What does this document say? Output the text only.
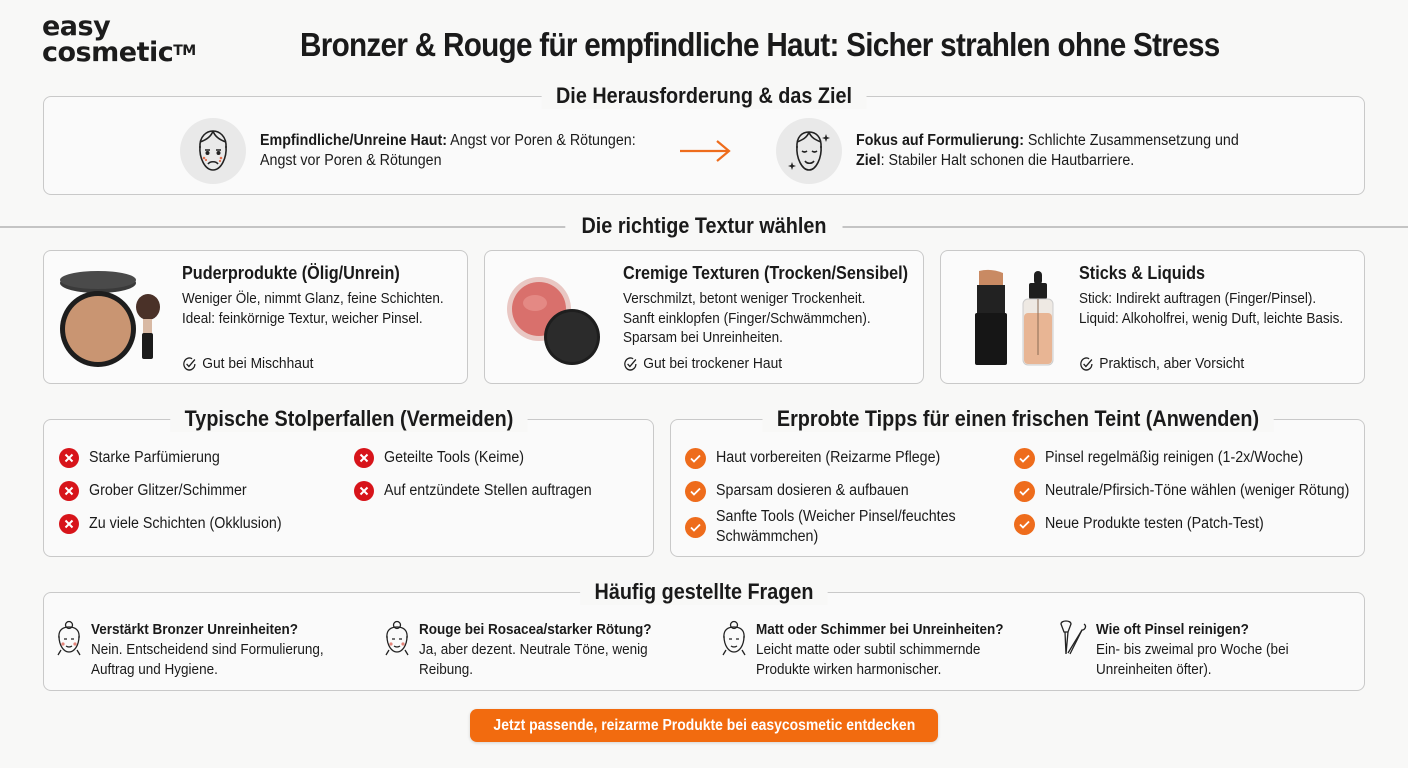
easy
cosmetic™	Bronzer & Rouge für empfindliche Haut: Sicher strahlen ohne Stress
Die Herausforderung & das Ziel
Empfindliche/Unreine Haut: Angst vor Poren & Rötungen:
Angst vor Poren & Rötungen
Fokus auf Formulierung: Schlichte Zusammensetzung und
Ziel: Stabiler Halt schonen die Hautbarriere.
Die richtige Textur wählen
Puderprodukte (Ölig/Unrein)
Weniger Öle, nimmt Glanz, feine Schichten.
Ideal: feinkörnige Textur, weicher Pinsel.
Gut bei Mischhaut
Cremige Texturen (Trocken/Sensibel)
Verschmilzt, betont weniger Trockenheit.
Sanft einklopfen (Finger/Schwämmchen).
Sparsam bei Unreinheiten.
Gut bei trockener Haut
Sticks & Liquids
Stick: Indirekt auftragen (Finger/Pinsel).
Liquid: Alkoholfrei, wenig Duft, leichte Basis.
Praktisch, aber Vorsicht
Typische Stolperfallen (Vermeiden)
Starke Parfümierung
Grober Glitzer/Schimmer
Zu viele Schichten (Okklusion)
Geteilte Tools (Keime)
Auf entzündete Stellen auftragen
Erprobte Tipps für einen frischen Teint (Anwenden)
Haut vorbereiten (Reizarme Pflege)
Sparsam dosieren & aufbauen
Sanfte Tools (Weicher Pinsel/feuchtes
Schwämmchen)
Pinsel regelmäßig reinigen (1-2x/Woche)
Neutrale/Pfirsich-Töne wählen (weniger Rötung)
Neue Produkte testen (Patch-Test)
Häufig gestellte Fragen
Verstärkt Bronzer Unreinheiten?
Nein. Entscheidend sind Formulierung,
Auftrag und Hygiene.
Rouge bei Rosacea/starker Rötung?
Ja, aber dezent. Neutrale Töne, wenig
Reibung.
Matt oder Schimmer bei Unreinheiten?
Leicht matte oder subtil schimmernde
Produkte wirken harmonischer.
Wie oft Pinsel reinigen?
Ein- bis zweimal pro Woche (bei
Unreinheiten öfter).
Jetzt passende, reizarme Produkte bei easycosmetic entdecken
